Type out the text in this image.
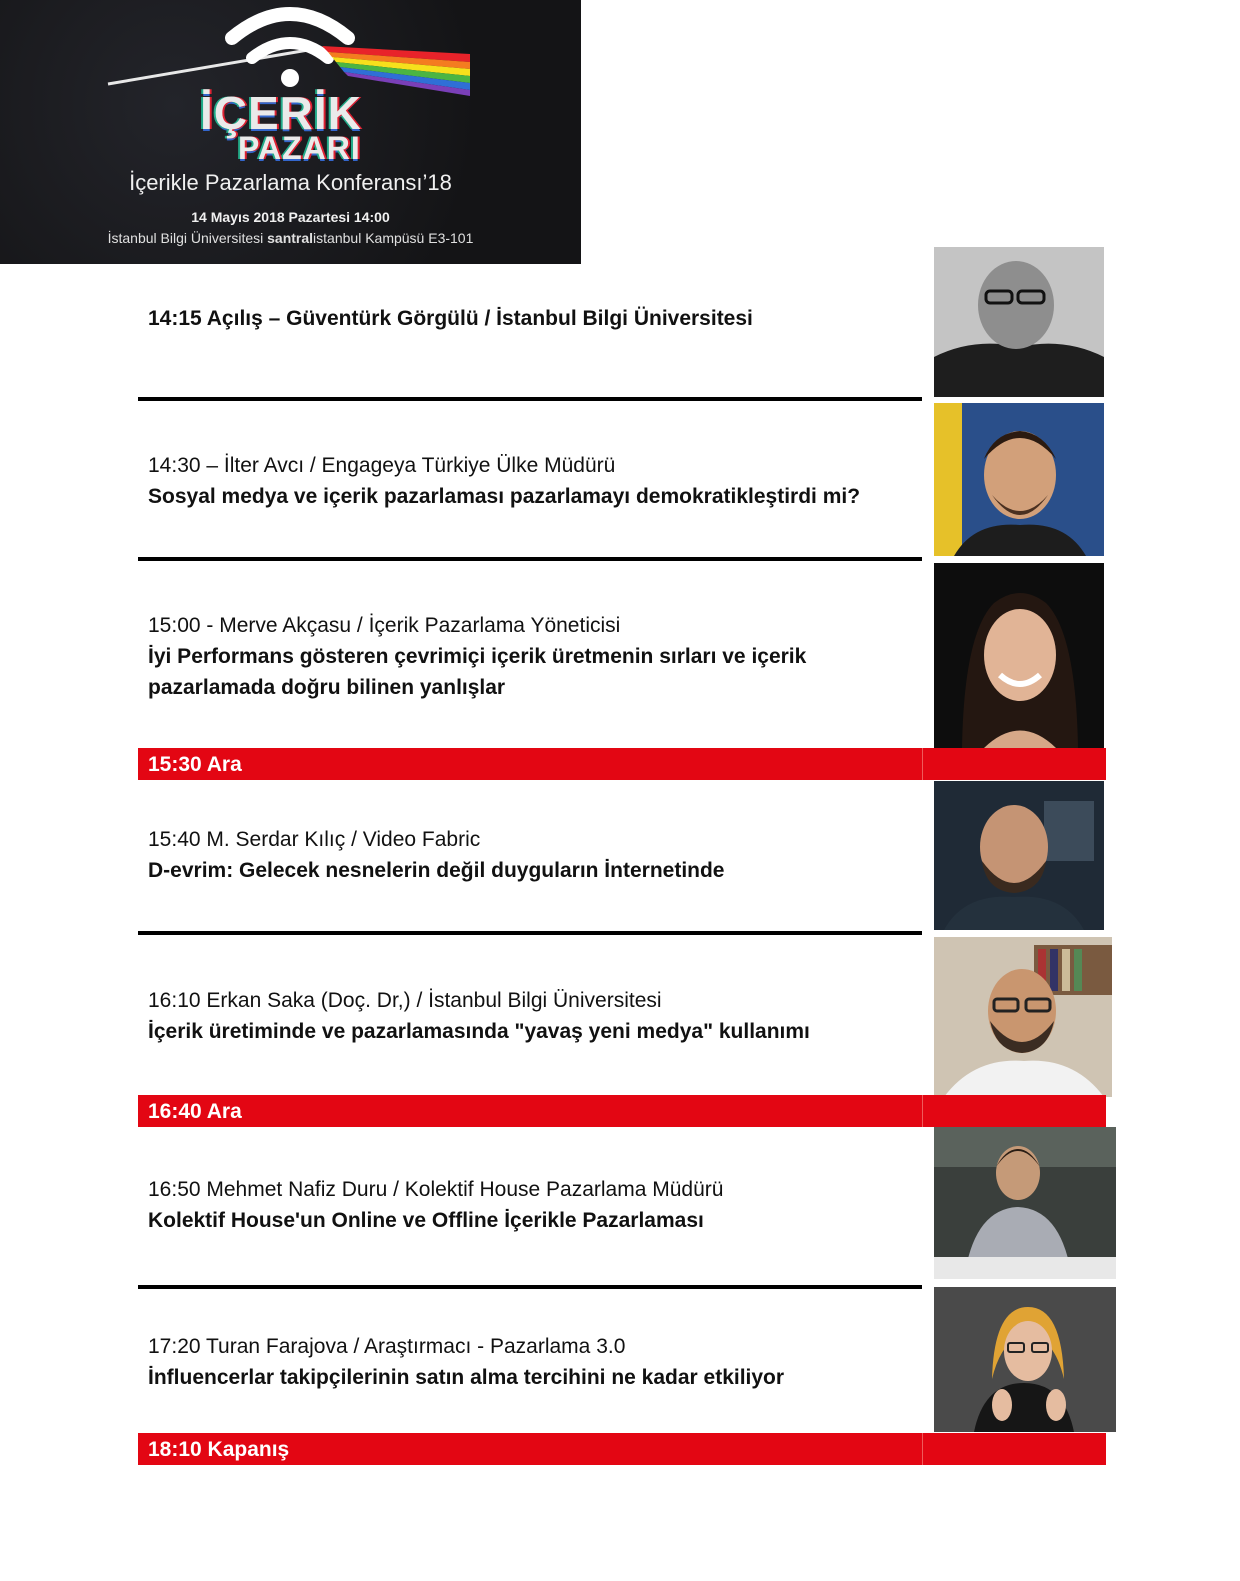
İÇERİK
PAZARI
İçerikle Pazarlama Konferansı’18
14 Mayıs 2018 Pazartesi 14:00
İstanbul Bilgi Üniversitesi santralistanbul Kampüsü E3-101
14:15 Açılış – Güventürk Görgülü / İstanbul Bilgi Üniversitesi
14:30 – İlter Avcı / Engageya Türkiye Ülke Müdürü
Sosyal medya ve içerik pazarlaması pazarlamayı demokratikleştirdi mi?
15:00 - Merve Akçasu / İçerik Pazarlama Yöneticisi
İyi Performans gösteren çevrimiçi içerik üretmenin sırları ve içerik pazarlamada doğru bilinen yanlışlar
15:30 Ara
15:40 M. Serdar Kılıç / Video Fabric
D-evrim: Gelecek nesnelerin değil duyguların İnternetinde
16:10 Erkan Saka (Doç. Dr,) / İstanbul Bilgi Üniversitesi
İçerik üretiminde ve pazarlamasında "yavaş yeni medya" kullanımı
16:40 Ara
16:50 Mehmet Nafiz Duru / Kolektif House Pazarlama Müdürü
Kolektif House'un Online ve Offline İçerikle Pazarlaması
17:20 Turan Farajova / Araştırmacı - Pazarlama 3.0
İnfluencerlar takipçilerinin satın alma tercihini ne kadar etkiliyor
18:10 Kapanış
